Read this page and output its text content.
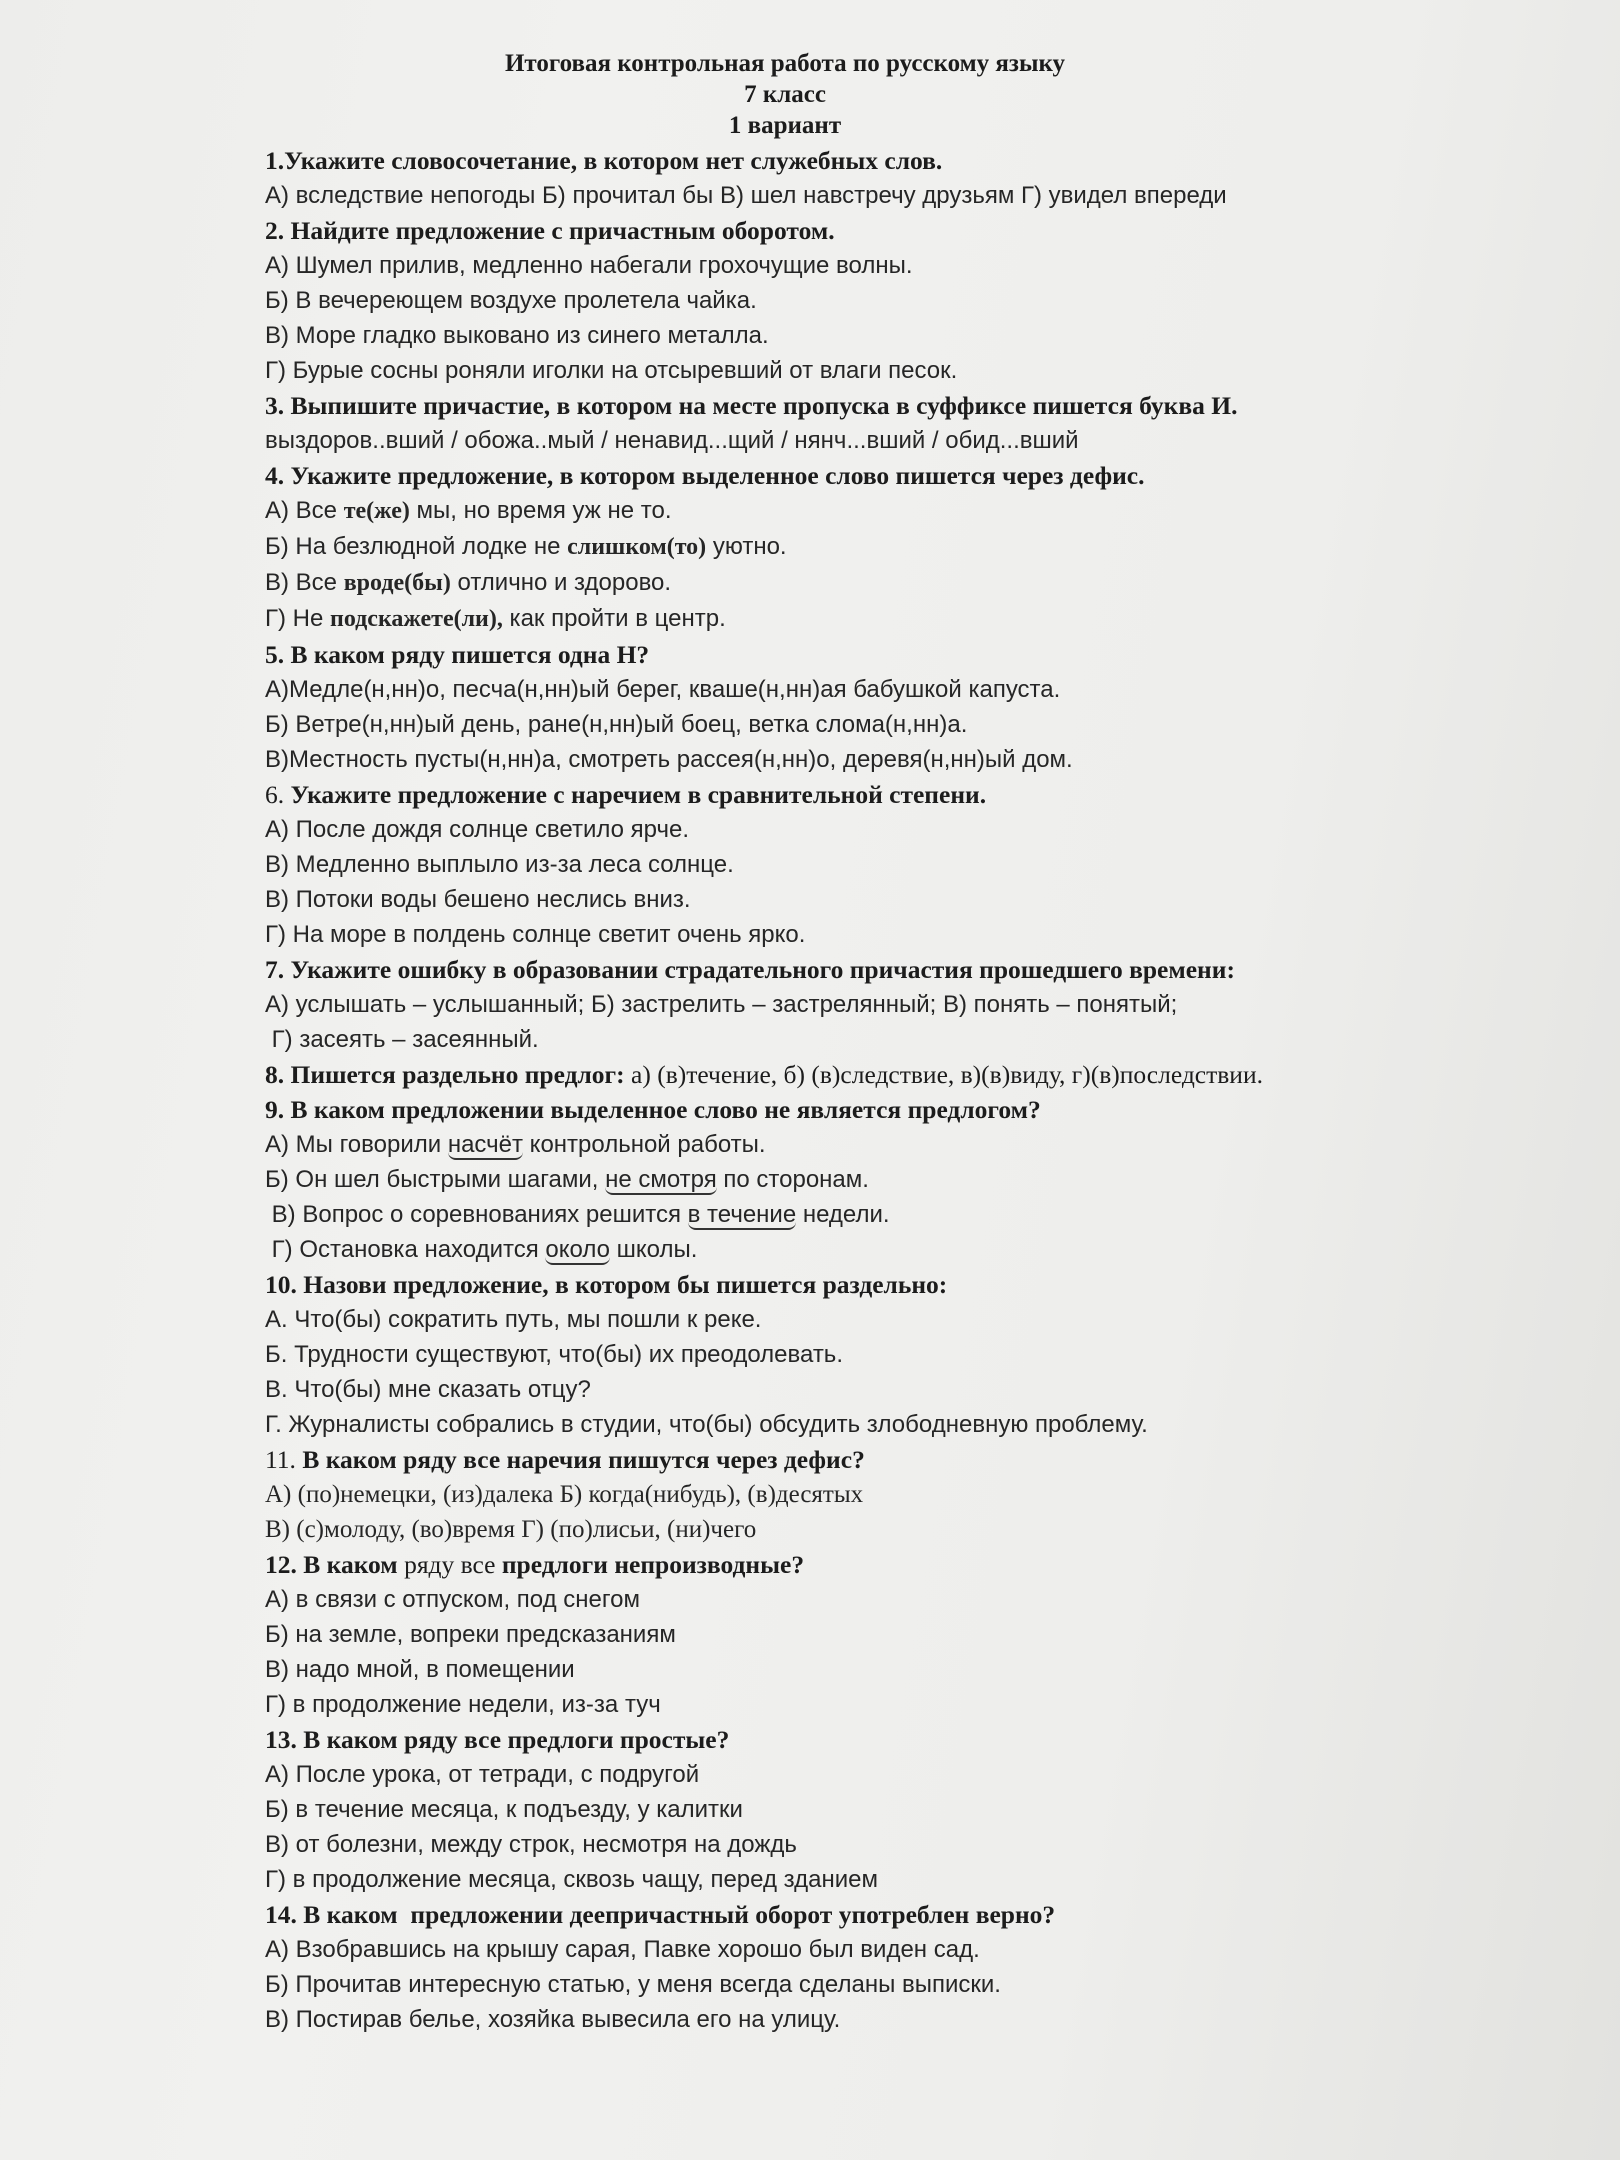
Итоговая контрольная работа по русскому языку
7 класс
1 вариант
1.Укажите словосочетание, в котором нет служебных слов.
А) вследствие непогоды Б) прочитал бы В) шел навстречу друзьям Г) увидел впереди
2. Найдите предложение с причастным оборотом.
А) Шумел прилив, медленно набегали грохочущие волны.
Б) В вечереющем воздухе пролетела чайка.
В) Море гладко выковано из синего металла.
Г) Бурые сосны роняли иголки на отсыревший от влаги песок.
3. Выпишите причастие, в котором на месте пропуска в суффиксе пишется буква И.
выздоров..вший / обожа..мый / ненавид...щий / нянч...вший / обид...вший
4. Укажите предложение, в котором выделенное слово пишется через дефис.
А) Все те(же) мы, но время уж не то.
Б) На безлюдной лодке не слишком(то) уютно.
В) Все вроде(бы) отлично и здорово.
Г) Не подскажете(ли), как пройти в центр.
5. В каком ряду пишется одна Н?
А)Медле(н,нн)о, песча(н,нн)ый берег, кваше(н,нн)ая бабушкой капуста.
Б) Ветре(н,нн)ый день, ране(н,нн)ый боец, ветка слома(н,нн)а.
В)Местность пусты(н,нн)а, смотреть рассея(н,нн)о, деревя(н,нн)ый дом.
6. Укажите предложение с наречием в сравнительной степени.
А) После дождя солнце светило ярче.
В) Медленно выплыло из-за леса солнце.
В) Потоки воды бешено неслись вниз.
Г) На море в полдень солнце светит очень ярко.
7. Укажите ошибку в образовании страдательного причастия прошедшего времени:
А) услышать – услышанный; Б) застрелить – застрелянный; В) понять – понятый;
Г) засеять – засеянный.
8. Пишется раздельно предлог: а) (в)течение, б) (в)следствие, в)(в)виду, г)(в)последствии.
9. В каком предложении выделенное слово не является предлогом?
А) Мы говорили насчёт контрольной работы.
Б) Он шел быстрыми шагами, не смотря по сторонам.
В) Вопрос о соревнованиях решится в течение недели.
Г) Остановка находится около школы.
10. Назови предложение, в котором бы пишется раздельно:
А. Что(бы) сократить путь, мы пошли к реке.
Б. Трудности существуют, что(бы) их преодолевать.
В. Что(бы) мне сказать отцу?
Г. Журналисты собрались в студии, что(бы) обсудить злободневную проблему.
11. В каком ряду все наречия пишутся через дефис?
А) (по)немецки, (из)далека Б) когда(нибудь), (в)десятых
В) (с)молоду, (во)время Г) (по)лисьи, (ни)чего
12. В каком ряду все предлоги непроизводные?
А) в связи с отпуском, под снегом
Б) на земле, вопреки предсказаниям
В) надо мной, в помещении
Г) в продолжение недели, из-за туч
13. В каком ряду все предлоги простые?
А) После урока, от тетради, с подругой
Б) в течение месяца, к подъезду, у калитки
В) от болезни, между строк, несмотря на дождь
Г) в продолжение месяца, сквозь чащу, перед зданием
14. В каком  предложении деепричастный оборот употреблен верно?
А) Взобравшись на крышу сарая, Павке хорошо был виден сад.
Б) Прочитав интересную статью, у меня всегда сделаны выписки.
В) Постирав белье, хозяйка вывесила его на улицу.
